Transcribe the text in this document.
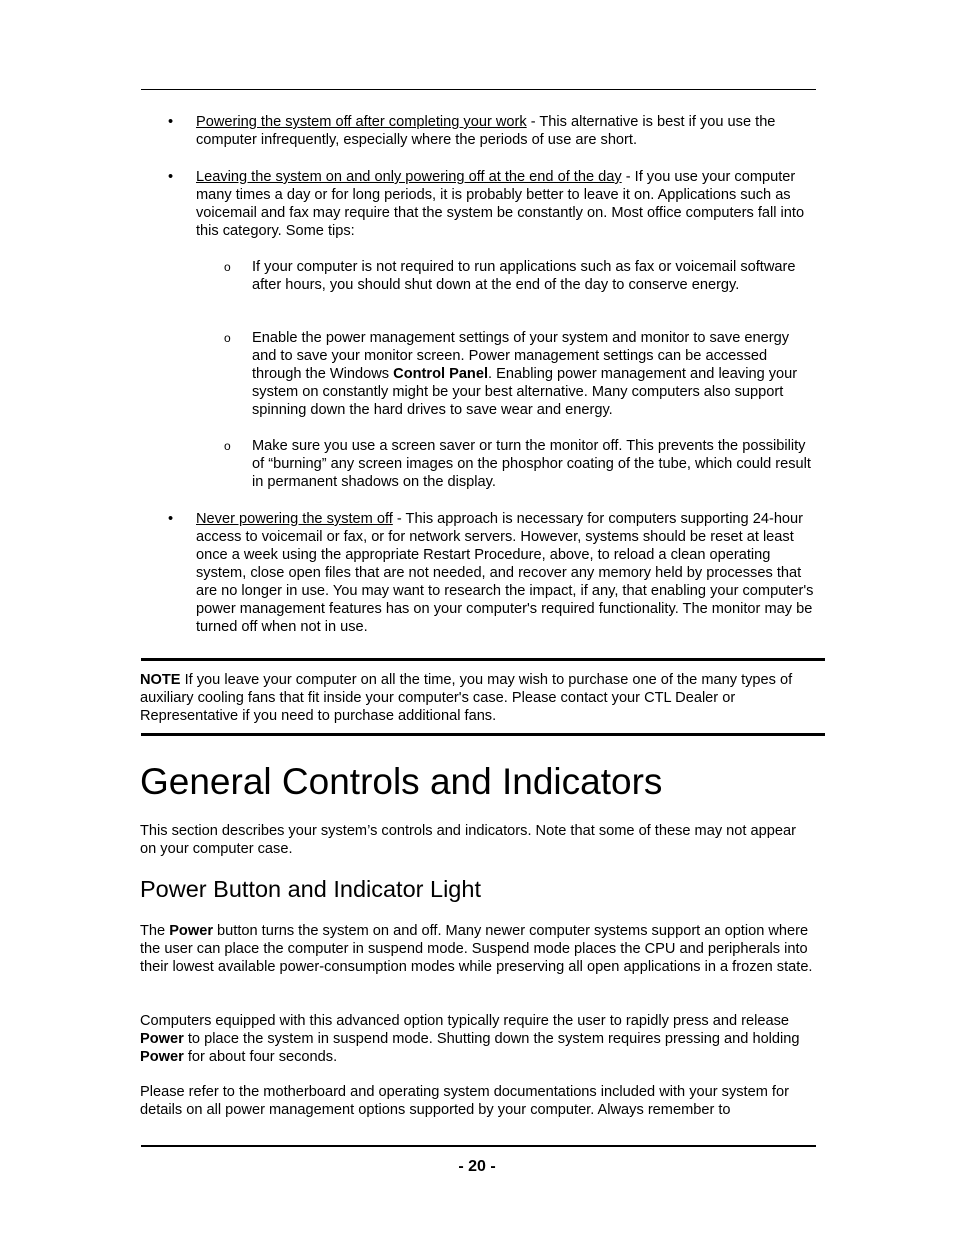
• Powering the system off after completing your work - This alternative is best if you use the computer infrequently, especially where the periods of use are short.
• Leaving the system on and only powering off at the end of the day - If you use your computer many times a day or for long periods, it is probably better to leave it on. Applications such as voicemail and fax may require that the system be constantly on. Most office computers fall into this category. Some tips:
o If your computer is not required to run applications such as fax or voicemail software after hours, you should shut down at the end of the day to conserve energy.
o Enable the power management settings of your system and monitor to save energy and to save your monitor screen. Power management settings can be accessed through the Windows Control Panel. Enabling power management and leaving your system on constantly might be your best alternative. Many computers also support spinning down the hard drives to save wear and energy.
o Make sure you use a screen saver or turn the monitor off. This prevents the possibility of “burning” any screen images on the phosphor coating of the tube, which could result in permanent shadows on the display.
• Never powering the system off - This approach is necessary for computers supporting 24-hour access to voicemail or fax, or for network servers. However, systems should be reset at least once a week using the appropriate Restart Procedure, above, to reload a clean operating system, close open files that are not needed, and recover any memory held by processes that are no longer in use. You may want to research the impact, if any, that enabling your computer's power management features has on your computer's required functionality. The monitor may be turned off when not in use.
NOTE If you leave your computer on all the time, you may wish to purchase one of the many types of auxiliary cooling fans that fit inside your computer's case. Please contact your CTL Dealer or Representative if you need to purchase additional fans.
General Controls and Indicators

This section describes your system’s controls and indicators. Note that some of these may not appear on your computer case.

Power Button and Indicator Light
The Power button turns the system on and off. Many newer computer systems support an option where the user can place the computer in suspend mode. Suspend mode places the CPU and peripherals into their lowest available power-consumption modes while preserving all open applications in a frozen state.
Computers equipped with this advanced option typically require the user to rapidly press and release Power to place the system in suspend mode. Shutting down the system requires pressing and holding Power for about four seconds.

Please refer to the motherboard and operating system documentations included with your system for details on all power management options supported by your computer. Always remember to

- 20 -
